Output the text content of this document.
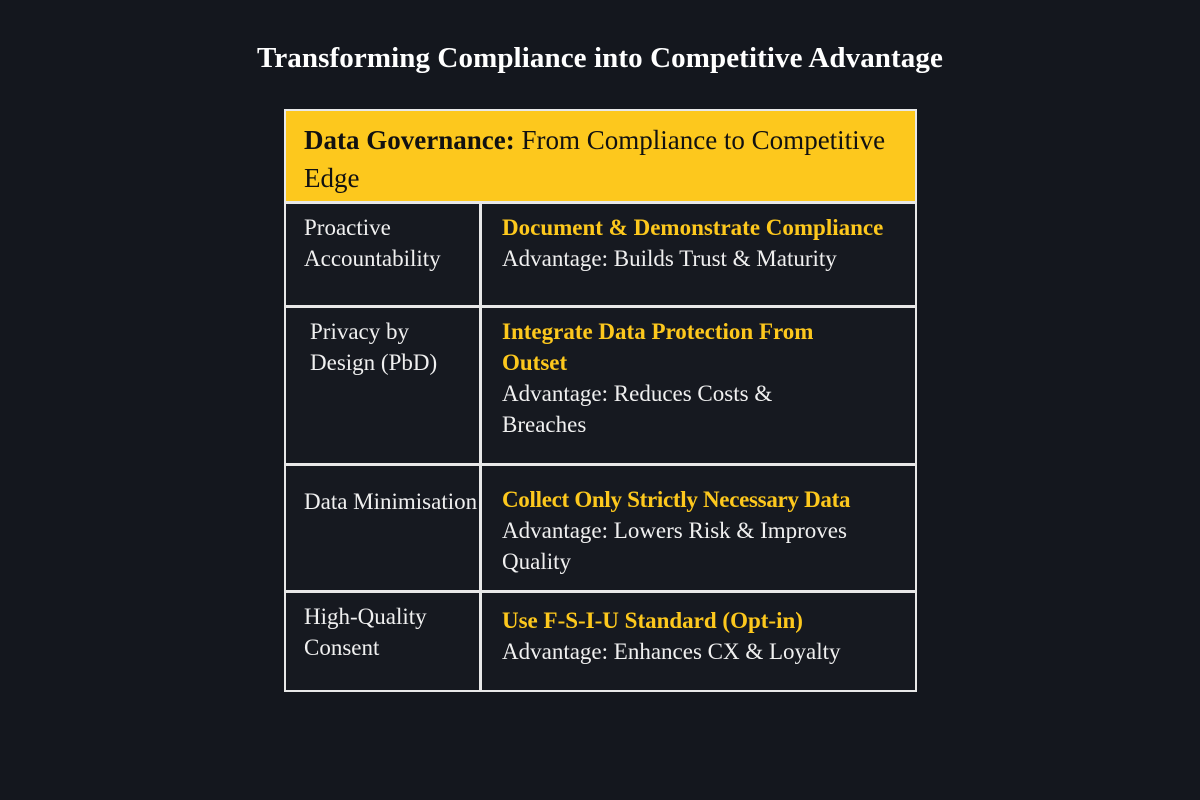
Transforming Compliance into Competitive Advantage
Data Governance: From Compliance to Competitive Edge
Proactive Accountability
Document & Demonstrate Compliance
Advantage: Builds Trust & Maturity
Privacy by Design (PbD)
Integrate Data Protection From Outset
Advantage: Reduces Costs & Breaches
Data Minimisation Collect Only Strictly Necessary Data
Advantage: Lowers Risk & Improves Quality
High-Quality Consent
Use F-S-I-U Standard (Opt-in)
Advantage: Enhances CX & Loyalty
